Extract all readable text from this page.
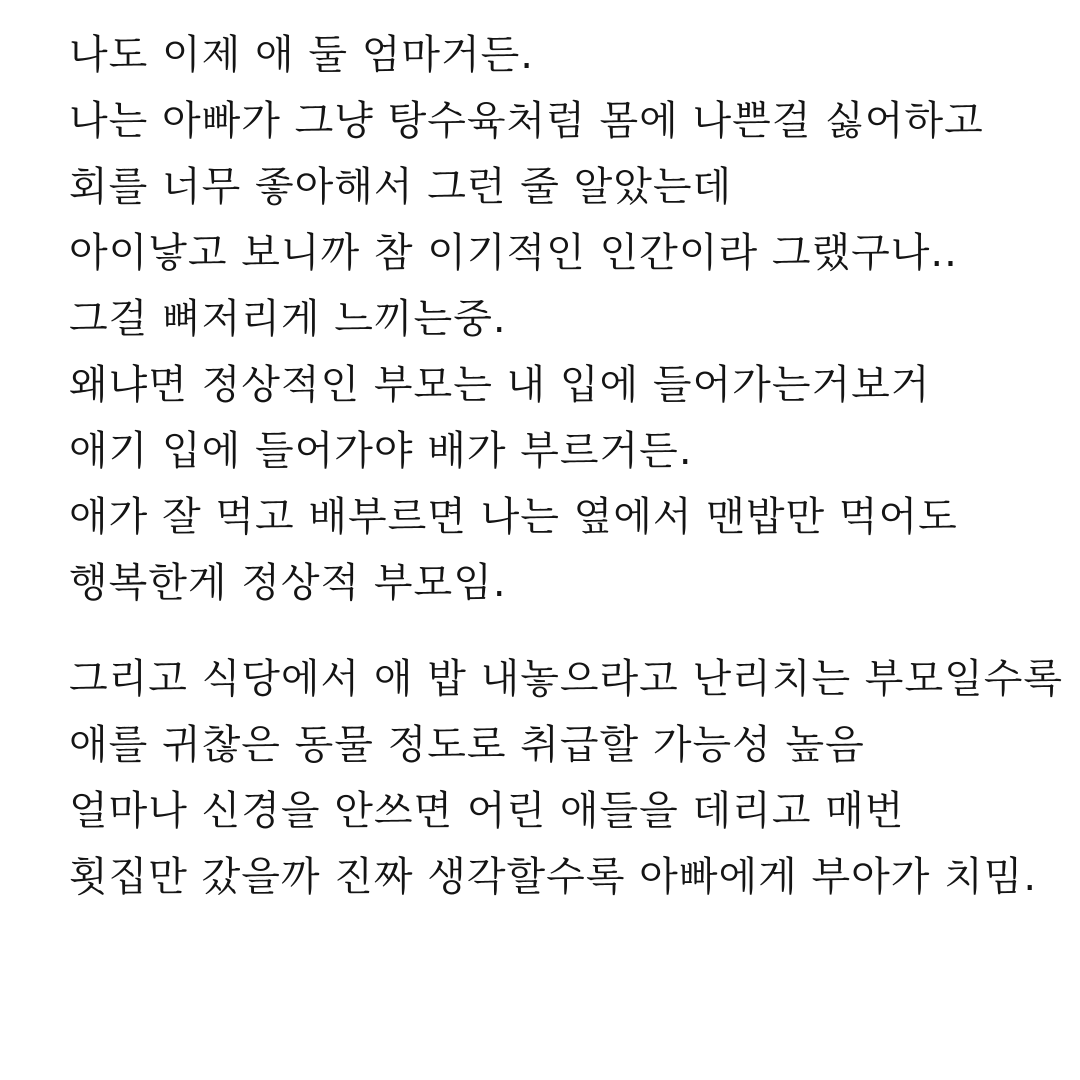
나도 이제 애 둘 엄마거든.
나는 아빠가 그냥 탕수육처럼 몸에 나쁜걸 싫어하고
회를 너무 좋아해서 그런 줄 알았는데
아이낳고 보니까 참 이기적인 인간이라 그랬구나..
그걸 뼈저리게 느끼는중.
왜냐면 정상적인 부모는 내 입에 들어가는거보거
애기 입에 들어가야 배가 부르거든.
애가 잘 먹고 배부르면 나는 옆에서 맨밥만 먹어도
행복한게 정상적 부모임.
그리고 식당에서 애 밥 내놓으라고 난리치는 부모일수록
애를 귀찮은 동물 정도로 취급할 가능성 높음
얼마나 신경을 안쓰면 어린 애들을 데리고 매번
횟집만 갔을까 진짜 생각할수록 아빠에게 부아가 치밈.
